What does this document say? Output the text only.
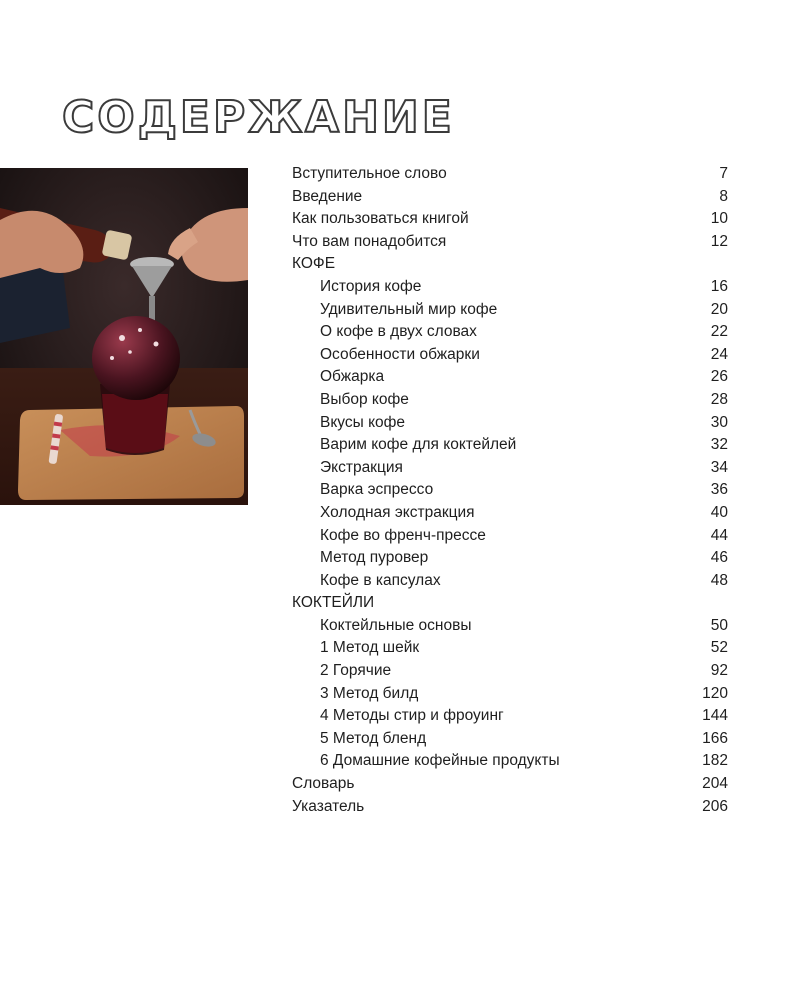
СОДЕРЖАНИЕ
Вступительное слово	7
Введение	8
Как пользоваться книгой	10
Что вам понадобится	12
КОФЕ
История кофе	16
Удивительный мир кофе	20
О кофе в двух словах	22
Особенности обжарки	24
Обжарка	26
Выбор кофе	28
Вкусы кофе	30
Варим кофе для коктейлей	32
Экстракция	34
Варка эспрессо	36
Холодная экстракция	40
Кофе во френч-прессе	44
Метод пуровер	46
Кофе в капсулах	48
КОКТЕЙЛИ
Коктейльные основы	50
1 Метод шейк	52
2 Горячие	92
3 Метод билд	120
4 Методы стир и фроуинг	144
5 Метод бленд	166
6 Домашние кофейные продукты	182
Словарь	204
Указатель	206
